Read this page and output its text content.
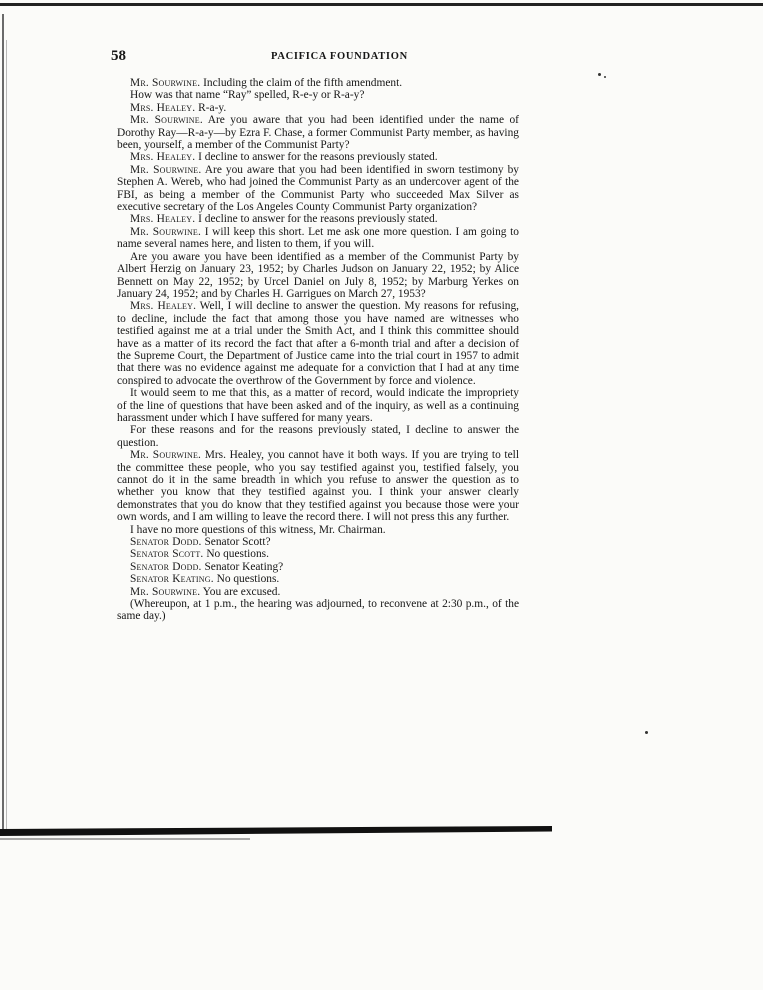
58	PACIFICA FOUNDATION

Mr. Sourwine. Including the claim of the fifth amendment.

How was that name “Ray” spelled, R-e-y or R-a-y?

Mrs. Healey. R-a-y.

Mr. Sourwine. Are you aware that you had been identified under the name of Dorothy Ray—R-a-y—by Ezra F. Chase, a former Communist Party member, as having been, yourself, a member of the Communist Party?

Mrs. Healey. I decline to answer for the reasons previously stated.

Mr. Sourwine. Are you aware that you had been identified in sworn testimony by Stephen A. Wereb, who had joined the Communist Party as an undercover agent of the FBI, as being a member of the Communist Party who succeeded Max Silver as executive secretary of the Los Angeles County Communist Party organization?

Mrs. Healey. I decline to answer for the reasons previously stated.

Mr. Sourwine. I will keep this short. Let me ask one more question. I am going to name several names here, and listen to them, if you will.

Are you aware you have been identified as a member of the Communist Party by Albert Herzig on January 23, 1952; by Charles Judson on January 22, 1952; by Alice Bennett on May 22, 1952; by Urcel Daniel on July 8, 1952; by Marburg Yerkes on January 24, 1952; and by Charles H. Garrigues on March 27, 1953?

Mrs. Healey. Well, I will decline to answer the question. My reasons for refusing, to decline, include the fact that among those you have named are witnesses who testified against me at a trial under the Smith Act, and I think this committee should have as a matter of its record the fact that after a 6-month trial and after a decision of the Supreme Court, the Department of Justice came into the trial court in 1957 to admit that there was no evidence against me adequate for a conviction that I had at any time conspired to advocate the overthrow of the Government by force and violence.

It would seem to me that this, as a matter of record, would indicate the impropriety of the line of questions that have been asked and of the inquiry, as well as a continuing harassment under which I have suffered for many years.

For these reasons and for the reasons previously stated, I decline to answer the question.

Mr. Sourwine. Mrs. Healey, you cannot have it both ways. If you are trying to tell the committee these people, who you say testified against you, testified falsely, you cannot do it in the same breadth in which you refuse to answer the question as to whether you know that they testified against you. I think your answer clearly demonstrates that you do know that they testified against you because those were your own words, and I am willing to leave the record there. I will not press this any further.

I have no more questions of this witness, Mr. Chairman.

Senator Dodd. Senator Scott?

Senator Scott. No questions.

Senator Dodd. Senator Keating?

Senator Keating. No questions.

Mr. Sourwine. You are excused.

(Whereupon, at 1 p.m., the hearing was adjourned, to reconvene at 2:30 p.m., of the same day.)
